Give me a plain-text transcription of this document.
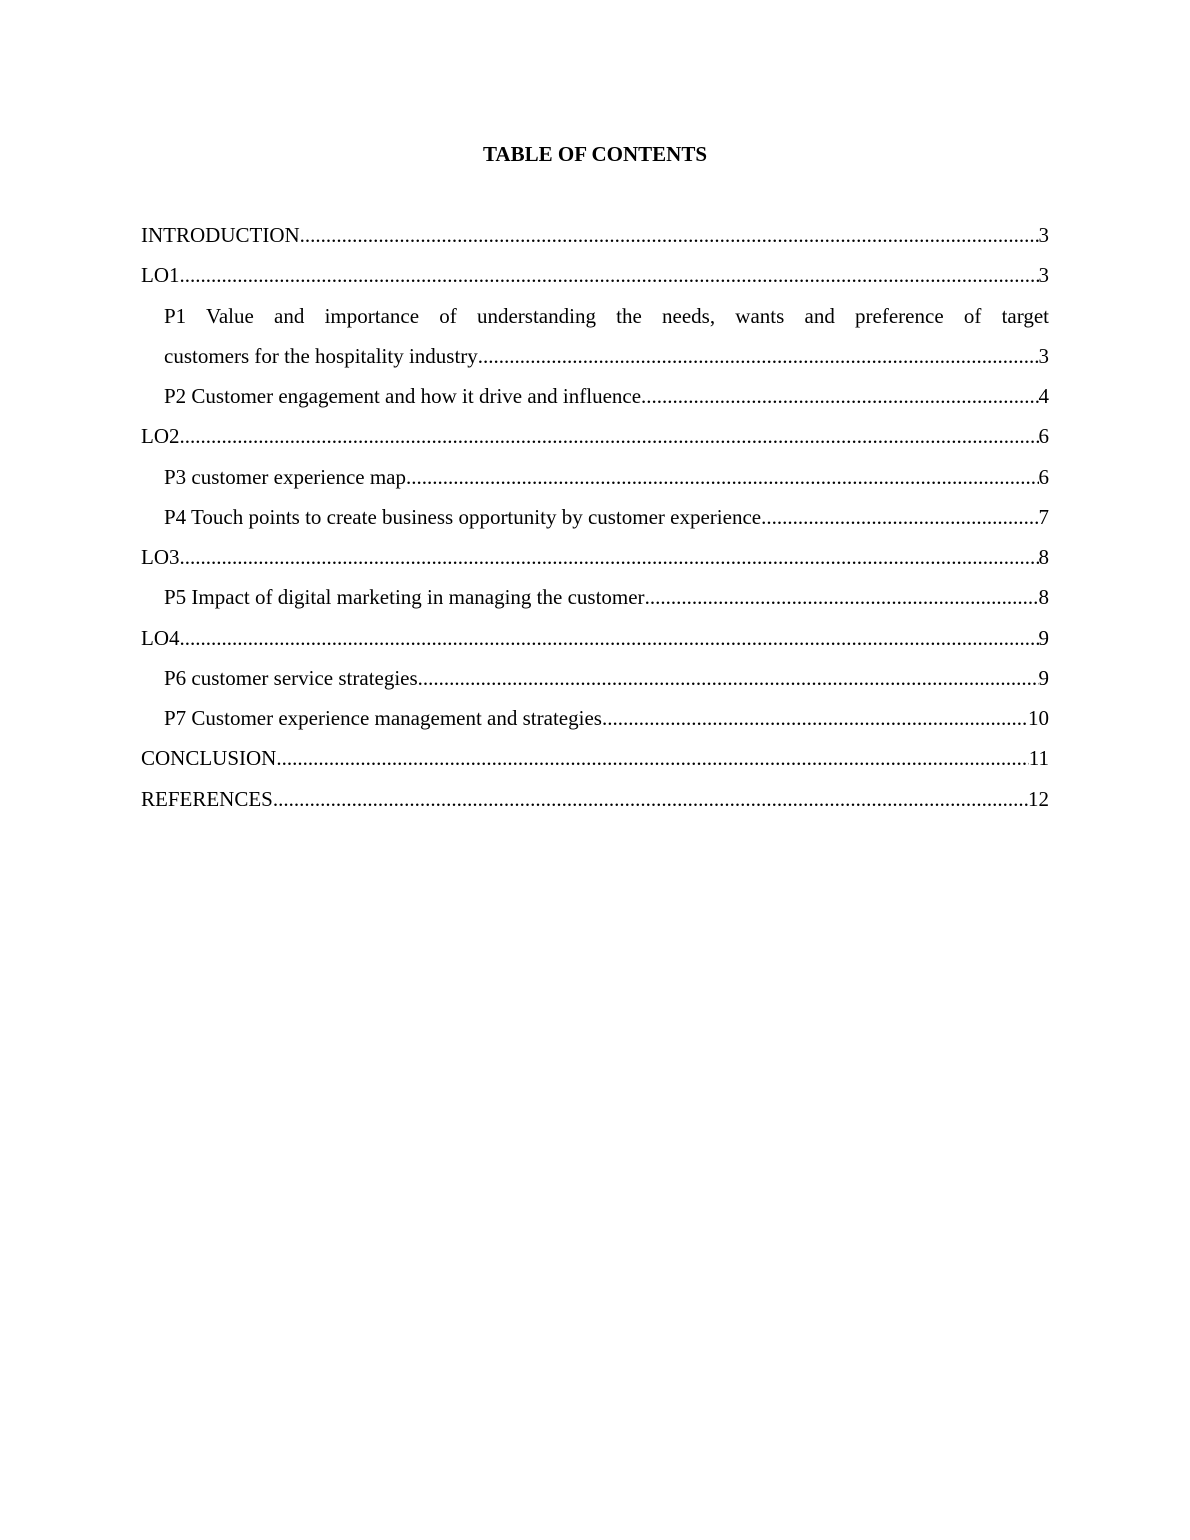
TABLE OF CONTENTS
INTRODUCTION .....	3
LO1 .....	3
P1 Value and importance of understanding the needs, wants and preference of target
customers for the hospitality industry .....	3
P2 Customer engagement and how it drive and influence .....	4
LO2 .....	6
P3 customer experience map .....	6
P4 Touch points to create business opportunity by customer experience .....	7
LO3 .....	8
P5 Impact of digital marketing in managing the customer .....	8
LO4 .....	9
P6 customer service strategies .....	9
P7 Customer experience management and strategies .....	10
CONCLUSION .....	11
REFERENCES .....	12
